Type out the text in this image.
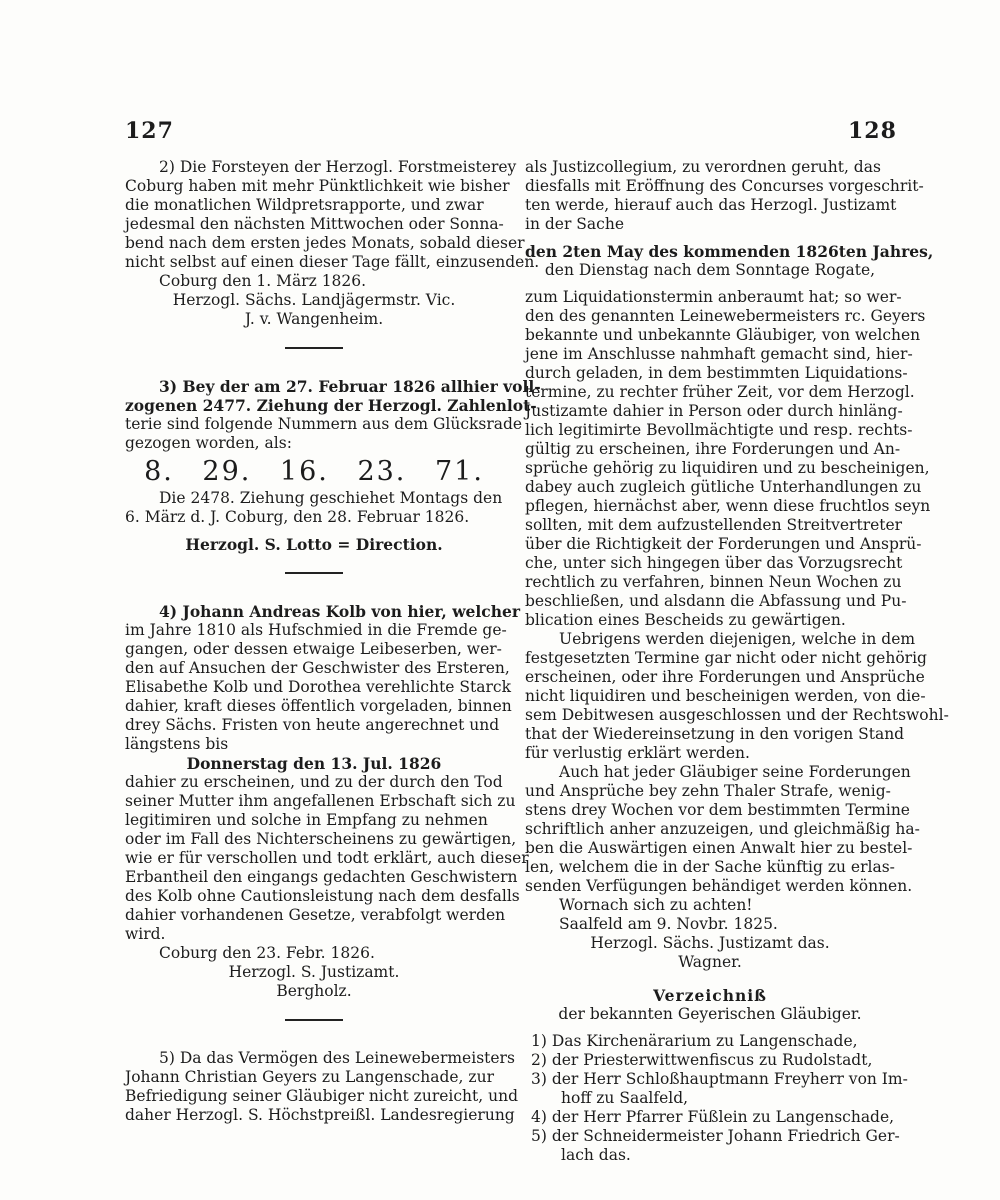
127	128
2) Die Forsteyen der Herzogl. Forstmeisterey
Coburg haben mit mehr Pünktlichkeit wie bisher
die monatlichen Wildpretsrapporte, und zwar
jedesmal den nächsten Mittwochen oder Sonna-
bend nach dem ersten jedes Monats, sobald dieser
nicht selbst auf einen dieser Tage fällt, einzusenden.
Coburg den 1. März 1826.
Herzogl. Sächs. Landjägermstr. Vic.
J. v. Wangenheim.
3) Bey der am 27. Februar 1826 allhier voll-
zogenen 2477. Ziehung der Herzogl. Zahlenlot-
terie sind folgende Nummern aus dem Glücksrade
gezogen worden, als:
8. 29. 16. 23. 71.
Die 2478. Ziehung geschiehet Montags den
6. März d. J. Coburg, den 28. Februar 1826.
Herzogl. S. Lotto = Direction.
4) Johann Andreas Kolb von hier, welcher
im Jahre 1810 als Hufschmied in die Fremde ge-
gangen, oder dessen etwaige Leibeserben, wer-
den auf Ansuchen der Geschwister des Ersteren,
Elisabethe Kolb und Dorothea verehlichte Starck
dahier, kraft dieses öffentlich vorgeladen, binnen
drey Sächs. Fristen von heute angerechnet und
längstens bis
Donnerstag den 13. Jul. 1826
dahier zu erscheinen, und zu der durch den Tod
seiner Mutter ihm angefallenen Erbschaft sich zu
legitimiren und solche in Empfang zu nehmen
oder im Fall des Nichterscheinens zu gewärtigen,
wie er für verschollen und todt erklärt, auch dieser
Erbantheil den eingangs gedachten Geschwistern
des Kolb ohne Cautionsleistung nach dem desfalls
dahier vorhandenen Gesetze, verabfolgt werden
wird.
Coburg den 23. Febr. 1826.
Herzogl. S. Justizamt.
Bergholz.
5) Da das Vermögen des Leinewebermeisters
Johann Christian Geyers zu Langenschade, zur
Befriedigung seiner Gläubiger nicht zureicht, und
daher Herzogl. S. Höchstpreißl. Landesregierung
als Justizcollegium, zu verordnen geruht, das
diesfalls mit Eröffnung des Concurses vorgeschrit-
ten werde, hierauf auch das Herzogl. Justizamt
in der Sache
den 2ten May des kommenden 1826ten Jahres,
den Dienstag nach dem Sonntage Rogate,
zum Liquidationstermin anberaumt hat; so wer-
den des genannten Leinewebermeisters rc. Geyers
bekannte und unbekannte Gläubiger, von welchen
jene im Anschlusse nahmhaft gemacht sind, hier-
durch geladen, in dem bestimmten Liquidations-
termine, zu rechter früher Zeit, vor dem Herzogl.
Justizamte dahier in Person oder durch hinläng-
lich legitimirte Bevollmächtigte und resp. rechts-
gültig zu erscheinen, ihre Forderungen und An-
sprüche gehörig zu liquidiren und zu bescheinigen,
dabey auch zugleich gütliche Unterhandlungen zu
pflegen, hiernächst aber, wenn diese fruchtlos seyn
sollten, mit dem aufzustellenden Streitvertreter
über die Richtigkeit der Forderungen und Ansprü-
che, unter sich hingegen über das Vorzugsrecht
rechtlich zu verfahren, binnen Neun Wochen zu
beschließen, und alsdann die Abfassung und Pu-
blication eines Bescheids zu gewärtigen.
Uebrigens werden diejenigen, welche in dem
festgesetzten Termine gar nicht oder nicht gehörig
erscheinen, oder ihre Forderungen und Ansprüche
nicht liquidiren und bescheinigen werden, von die-
sem Debitwesen ausgeschlossen und der Rechtswohl-
that der Wiedereinsetzung in den vorigen Stand
für verlustig erklärt werden.
Auch hat jeder Gläubiger seine Forderungen
und Ansprüche bey zehn Thaler Strafe, wenig-
stens drey Wochen vor dem bestimmten Termine
schriftlich anher anzuzeigen, und gleichmäßig ha-
ben die Auswärtigen einen Anwalt hier zu bestel-
len, welchem die in der Sache künftig zu erlas-
senden Verfügungen behändiget werden können.
Wornach sich zu achten!
Saalfeld am 9. Novbr. 1825.
Herzogl. Sächs. Justizamt das.
Wagner.
Verzeichniß
der bekannten Geyerischen Gläubiger.
1) Das Kirchenärarium zu Langenschade,
2) der Priesterwittwenfiscus zu Rudolstadt,
3) der Herr Schloßhauptmann Freyherr von Im-
hoff zu Saalfeld,
4) der Herr Pfarrer Füßlein zu Langenschade,
5) der Schneidermeister Johann Friedrich Ger-
lach das.
